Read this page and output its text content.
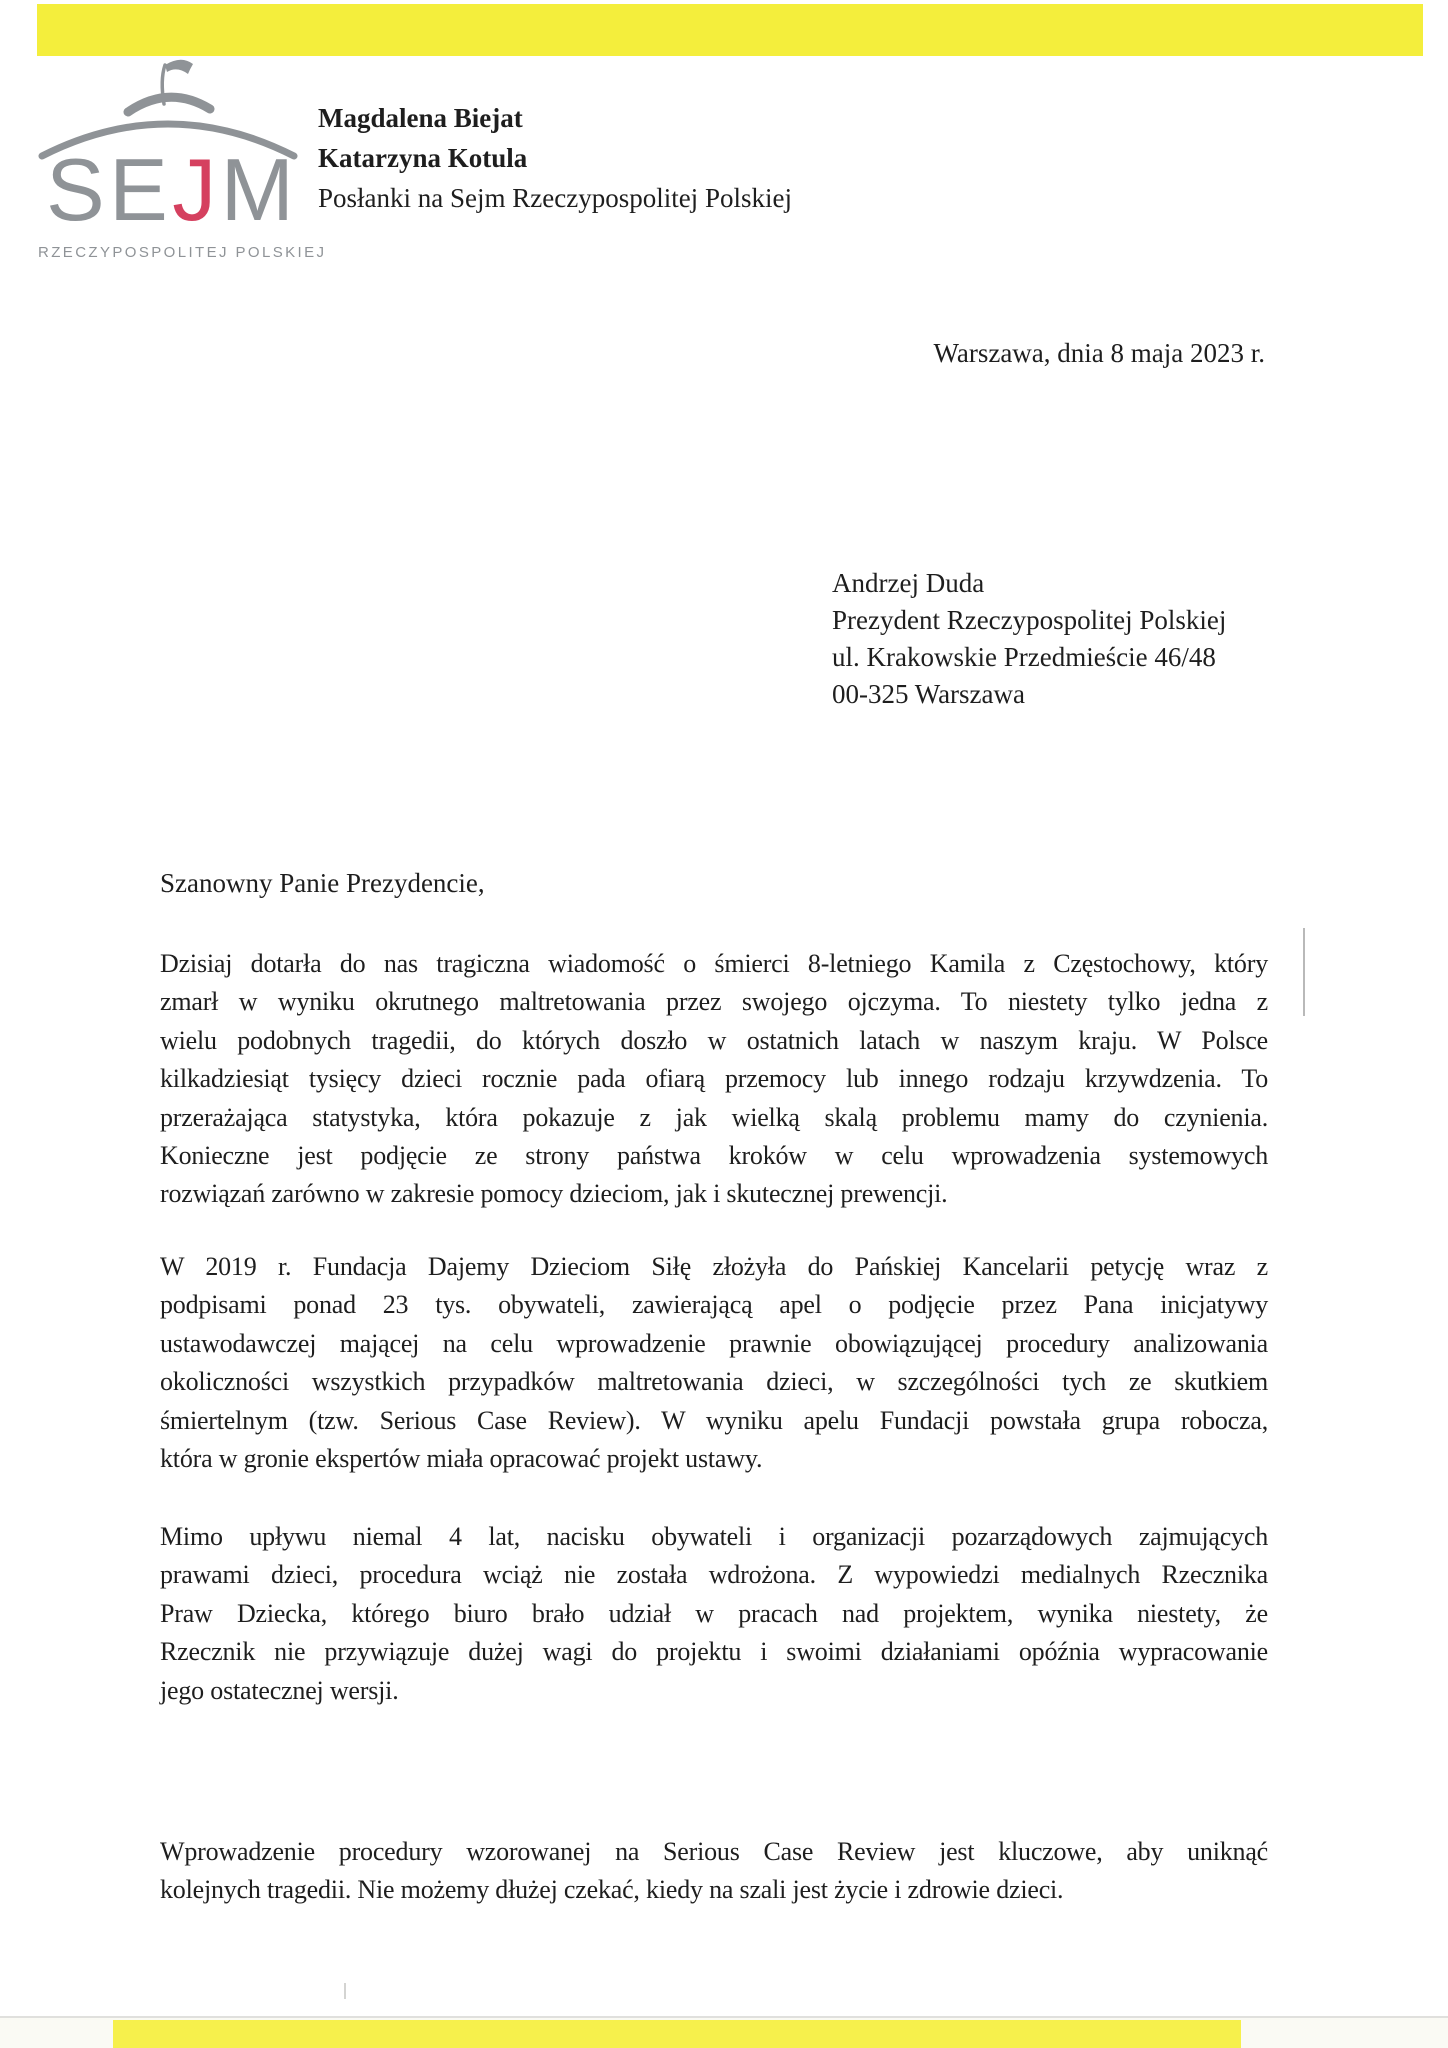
S E J M
RZECZYPOSPOLITEJ POLSKIEJ
Magdalena Biejat
Katarzyna Kotula
Posłanki na Sejm Rzeczypospolitej Polskiej
Warszawa, dnia 8 maja 2023 r.
Andrzej Duda
Prezydent Rzeczypospolitej Polskiej
ul. Krakowskie Przedmieście 46/48
00-325 Warszawa
Szanowny Panie Prezydencie,
Dzisiaj dotarła do nas tragiczna wiadomość o śmierci 8-letniego Kamila z Częstochowy, który
zmarł w wyniku okrutnego maltretowania przez swojego ojczyma. To niestety tylko jedna z
wielu podobnych tragedii, do których doszło w ostatnich latach w naszym kraju. W Polsce
kilkadziesiąt tysięcy dzieci rocznie pada ofiarą przemocy lub innego rodzaju krzywdzenia. To
przerażająca statystyka, która pokazuje z jak wielką skalą problemu mamy do czynienia.
Konieczne jest podjęcie ze strony państwa kroków w celu wprowadzenia systemowych
rozwiązań zarówno w zakresie pomocy dzieciom, jak i skutecznej prewencji.
W 2019 r. Fundacja Dajemy Dzieciom Siłę złożyła do Pańskiej Kancelarii petycję wraz z
podpisami ponad 23 tys. obywateli, zawierającą apel o podjęcie przez Pana inicjatywy
ustawodawczej mającej na celu wprowadzenie prawnie obowiązującej procedury analizowania
okoliczności wszystkich przypadków maltretowania dzieci, w szczególności tych ze skutkiem
śmiertelnym (tzw. Serious Case Review). W wyniku apelu Fundacji powstała grupa robocza,
która w gronie ekspertów miała opracować projekt ustawy.
Mimo upływu niemal 4 lat, nacisku obywateli i organizacji pozarządowych zajmujących
prawami dzieci, procedura wciąż nie została wdrożona. Z wypowiedzi medialnych Rzecznika
Praw Dziecka, którego biuro brało udział w pracach nad projektem, wynika niestety, że
Rzecznik nie przywiązuje dużej wagi do projektu i swoimi działaniami opóźnia wypracowanie
jego ostatecznej wersji.
Wprowadzenie procedury wzorowanej na Serious Case Review jest kluczowe, aby uniknąć
kolejnych tragedii. Nie możemy dłużej czekać, kiedy na szali jest życie i zdrowie dzieci.
